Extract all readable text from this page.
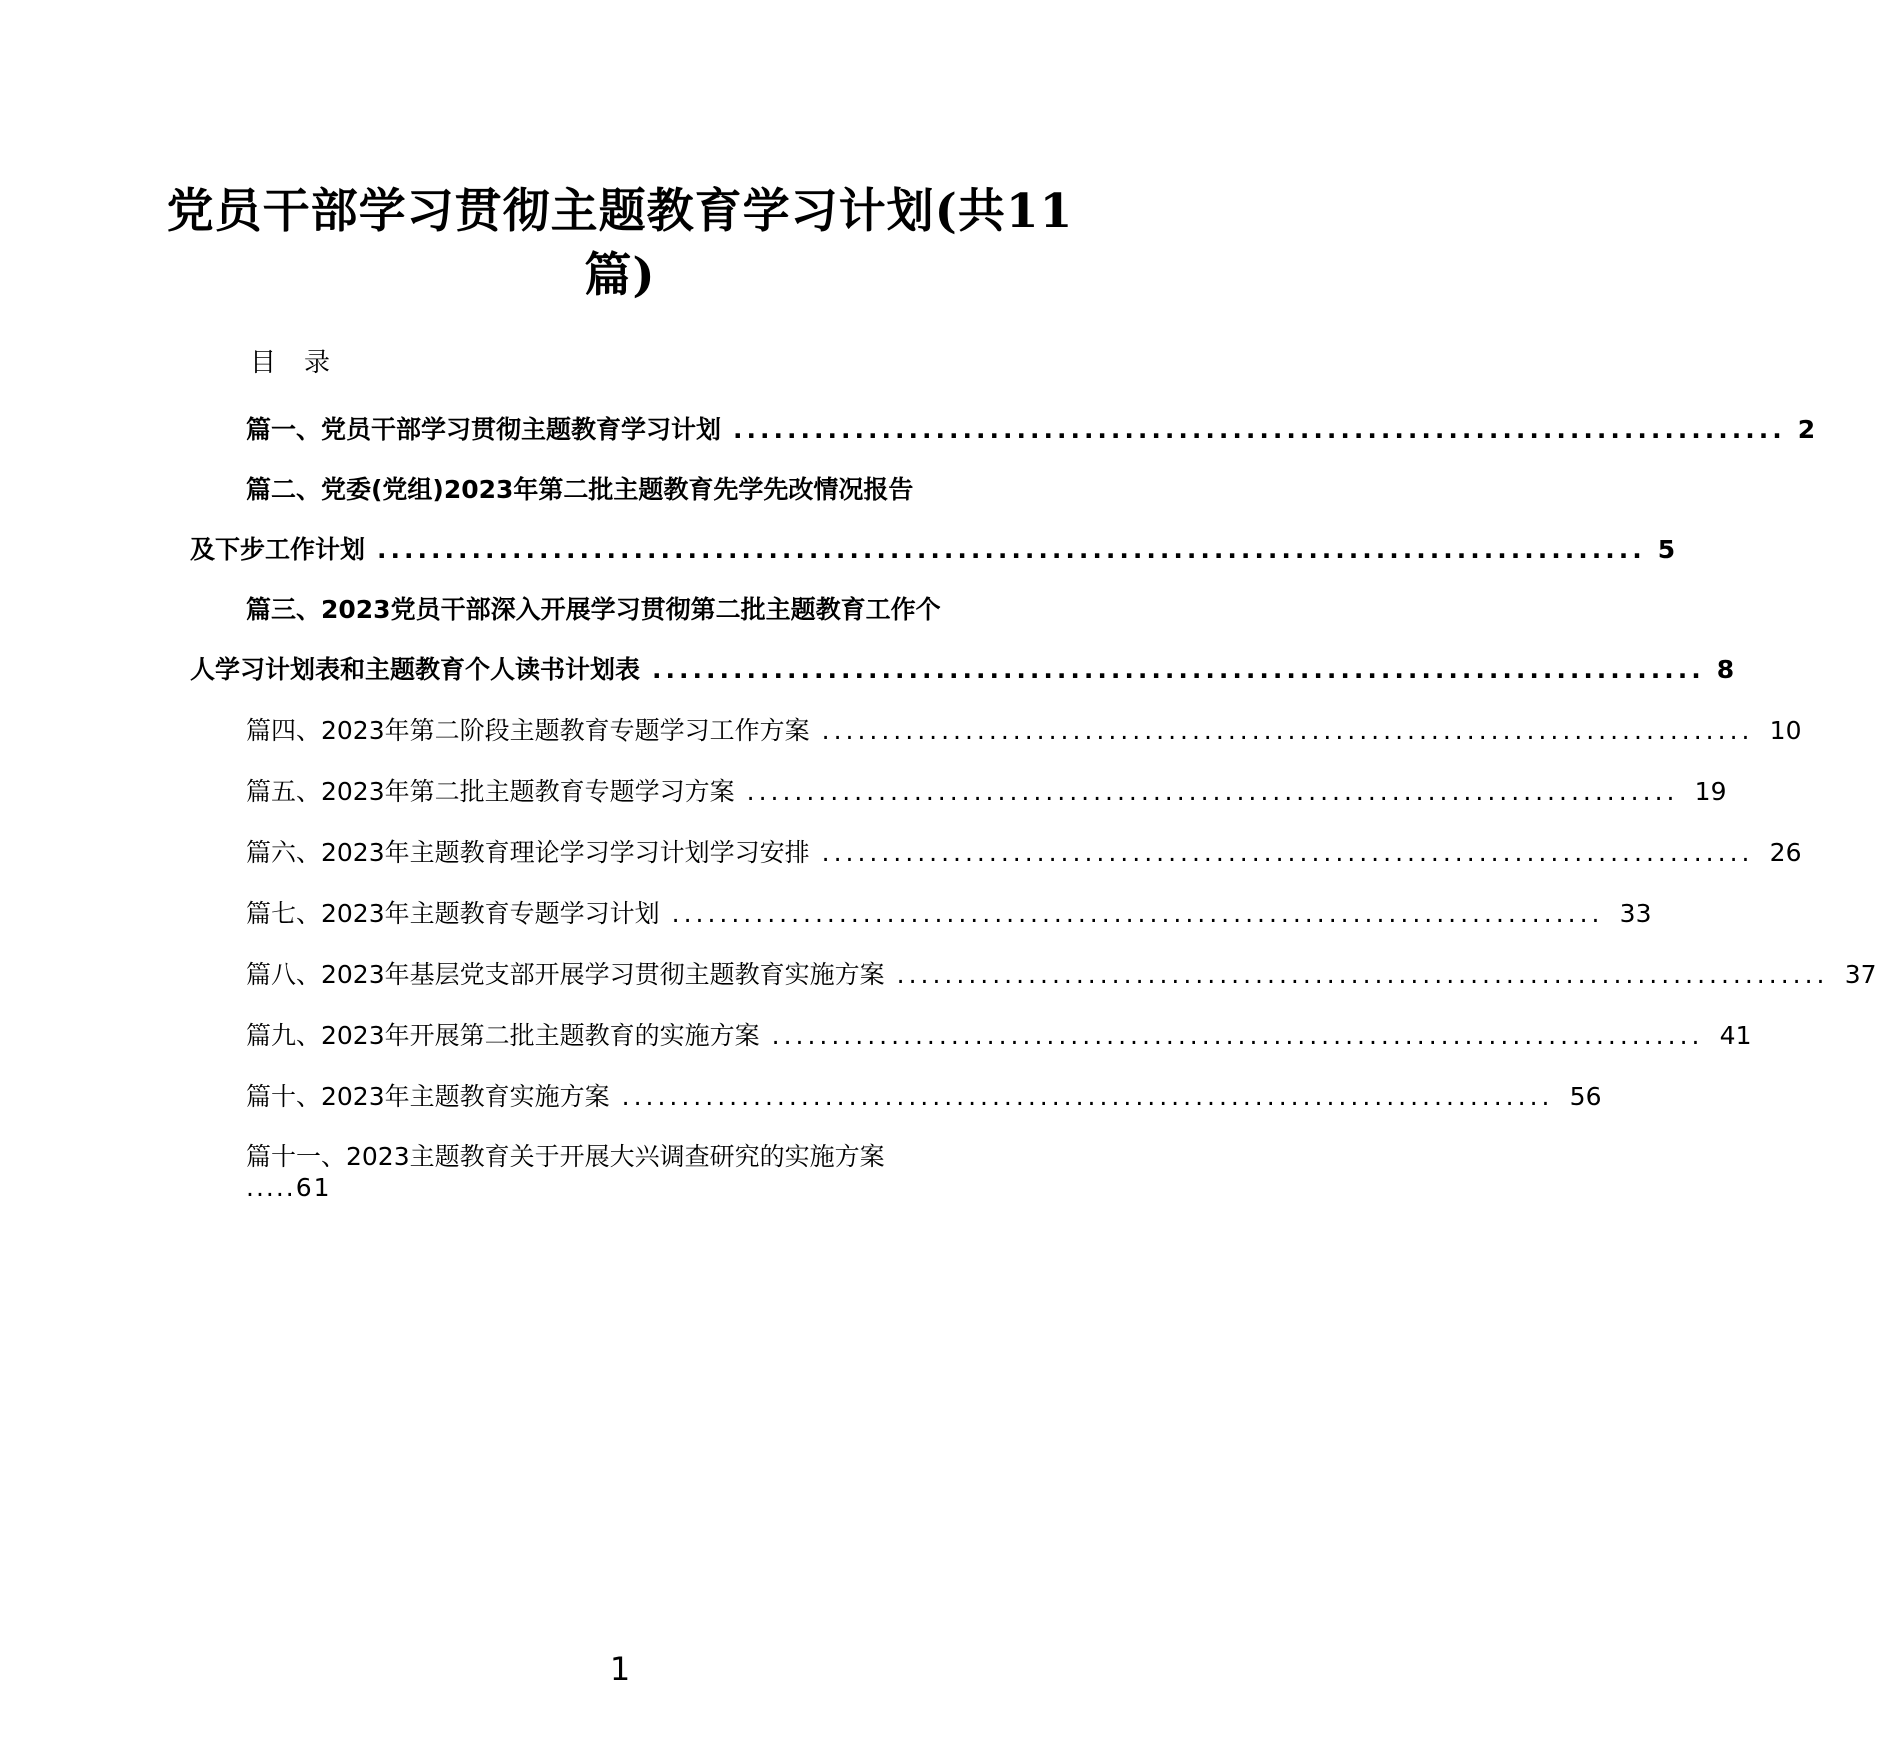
党员干部学习贯彻主题教育学习计划(共11
篇)
目 录
篇一、党员干部学习贯彻主题教育学习计划 .............................................................................. 2
篇二、党委(党组)2023年第二批主题教育先学先改情况报告
及下步工作计划 .............................................................................................. 5
篇三、2023党员干部深入开展学习贯彻第二批主题教育工作个
人学习计划表和主题教育个人读书计划表 .............................................................................. 8
篇四、2023年第二阶段主题教育专题学习工作方案 .............................................................................. 10
篇五、2023年第二批主题教育专题学习方案 .............................................................................. 19
篇六、2023年主题教育理论学习学习计划学习安排 .............................................................................. 26
篇七、2023年主题教育专题学习计划 .............................................................................. 33
篇八、2023年基层党支部开展学习贯彻主题教育实施方案 .............................................................................. 37
篇九、2023年开展第二批主题教育的实施方案 .............................................................................. 41
篇十、2023年主题教育实施方案 .............................................................................. 56
篇十一、2023主题教育关于开展大兴调查研究的实施方案
.....61
1
